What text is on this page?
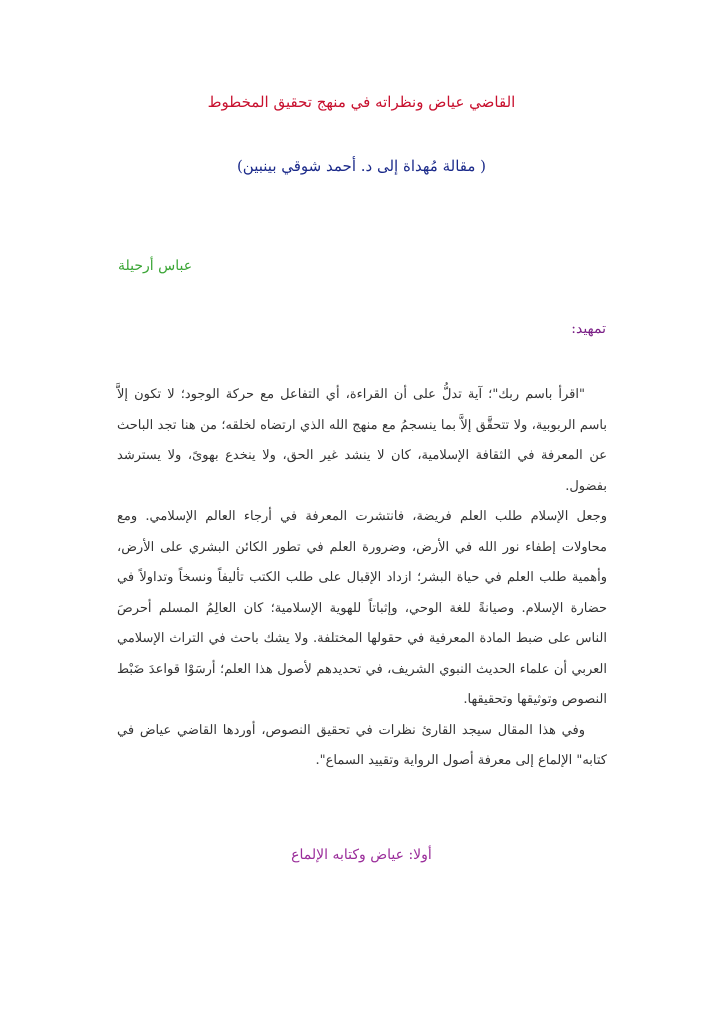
القاضي عياض ونظراته في منهج تحقيق المخطوط
( مقالة مُهداة إلى د. أحمد شوقي بينبين)
عباس أرحيلة
تمهيد:

"اقرأ باسم ربك"؛ آية تدلُّ على أن القراءة، أي التفاعل مع حركة الوجود؛ لا تكون إلاَّ باسم الربوبية، ولا تتحقَّق إلاَّ بما ينسجمُ مع منهج الله الذي ارتضاه لخلقه؛ من هنا تجد الباحث عن المعرفة في الثقافة الإسلامية، كان لا ينشد غير الحق، ولا ينخدع بهوىً، ولا يسترشد بفضول.

وجعل الإسلام طلب العلم فريضة، فانتشرت المعرفة في أرجاء العالم الإسلامي. ومع محاولات إطفاء نور الله في الأرض، وضرورة العلم في تطور الكائن البشري على الأرض، وأهمية طلب العلم في حياة البشر؛ ازداد الإقبال على طلب الكتب تأليفاً ونسخاً وتداولاً في حضارة الإسلام. وصيانةً للغة الوحي، وإثباتاً للهوية الإسلامية؛ كان العالِمُ المسلم أحرصَ الناس على ضبط المادة المعرفية في حقولها المختلفة. ولا يشك باحث في التراث الإسلامي العربي أن علماء الحديث النبوي الشريف، في تحديدهم لأصول هذا العلم؛ أرسَوْا قواعدَ ضَبْط النصوص وتوثيقها وتحقيقها.

وفي هذا المقال سيجد القارئ نظرات في تحقيق النصوص، أوردها القاضي عياض في كتابه" الإلماع إلى معرفة أصول الرواية وتقييد السماع".

أولا: عياض وكتابه الإلماع
